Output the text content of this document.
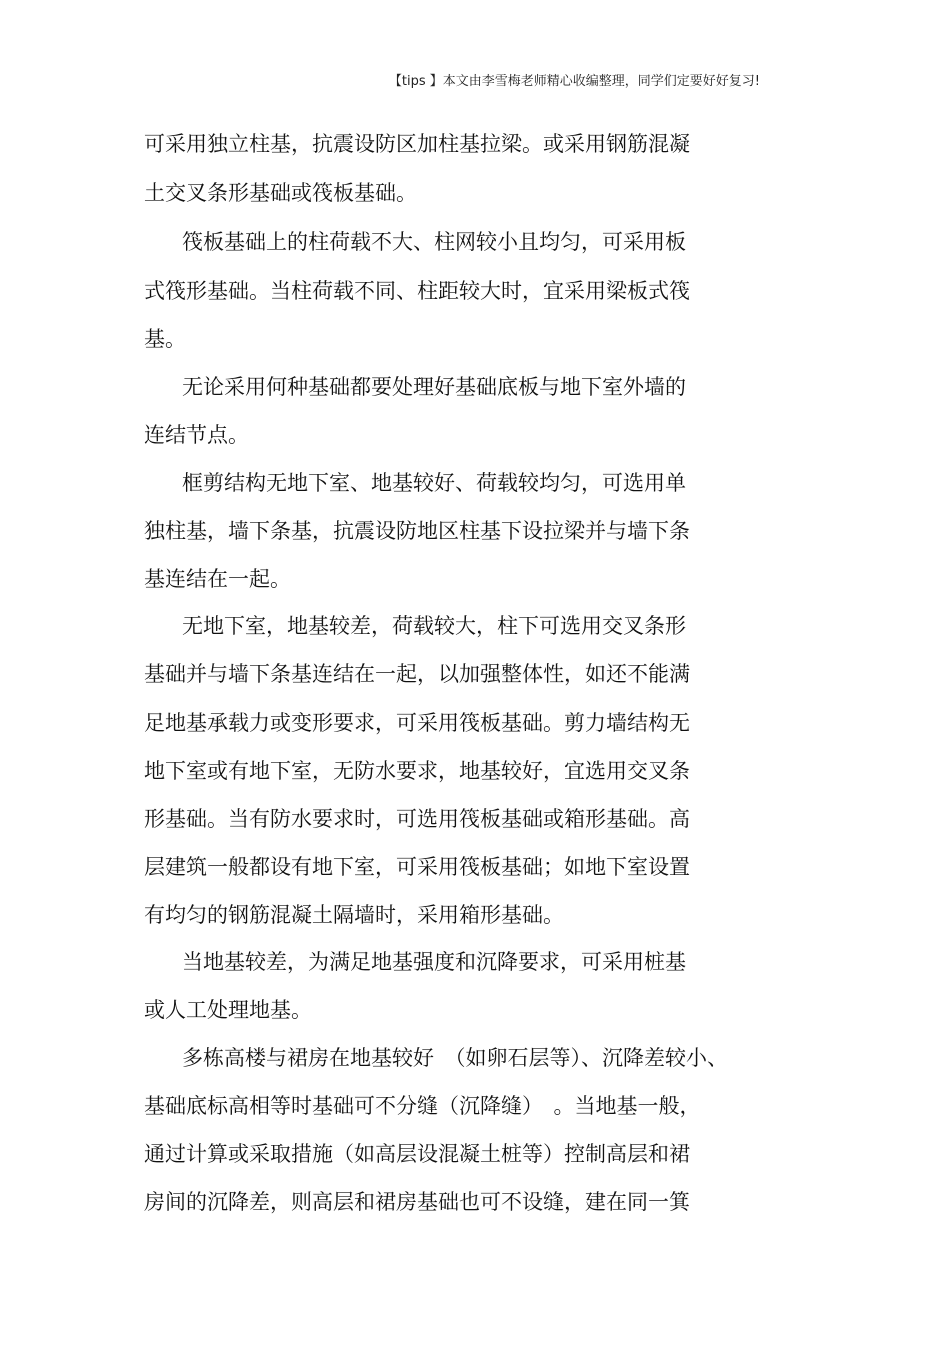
【tips 】本文由李雪梅老师精心收编整理，同学们定要好好复习!
可采用独立柱基，抗震设防区加柱基拉梁。或采用钢筋混凝
土交叉条形基础或筏板基础。
筏板基础上的柱荷载不大、柱网较小且均匀，可采用板
式筏形基础。当柱荷载不同、柱距较大时，宜采用梁板式筏
基。
无论采用何种基础都要处理好基础底板与地下室外墙的
连结节点。
框剪结构无地下室、地基较好、荷载较均匀，可选用单
独柱基，墙下条基，抗震设防地区柱基下设拉梁并与墙下条
基连结在一起。
无地下室，地基较差，荷载较大，柱下可选用交叉条形
基础并与墙下条基连结在一起，以加强整体性，如还不能满
足地基承载力或变形要求，可采用筏板基础。剪力墙结构无
地下室或有地下室，无防水要求，地基较好，宜选用交叉条
形基础。当有防水要求时，可选用筏板基础或箱形基础。高
层建筑一般都设有地下室，可采用筏板基础；如地下室设置
有均匀的钢筋混凝土隔墙时，采用箱形基础。
当地基较差，为满足地基强度和沉降要求，可采用桩基
或人工处理地基。
多栋高楼与裙房在地基较好　（如卵石层等）、沉降差较小、
基础底标高相等时基础可不分缝（沉降缝）　。当地基一般，
通过计算或采取措施（如高层设混凝土桩等）控制高层和裙
房间的沉降差，则高层和裙房基础也可不设缝，建在同一箕
